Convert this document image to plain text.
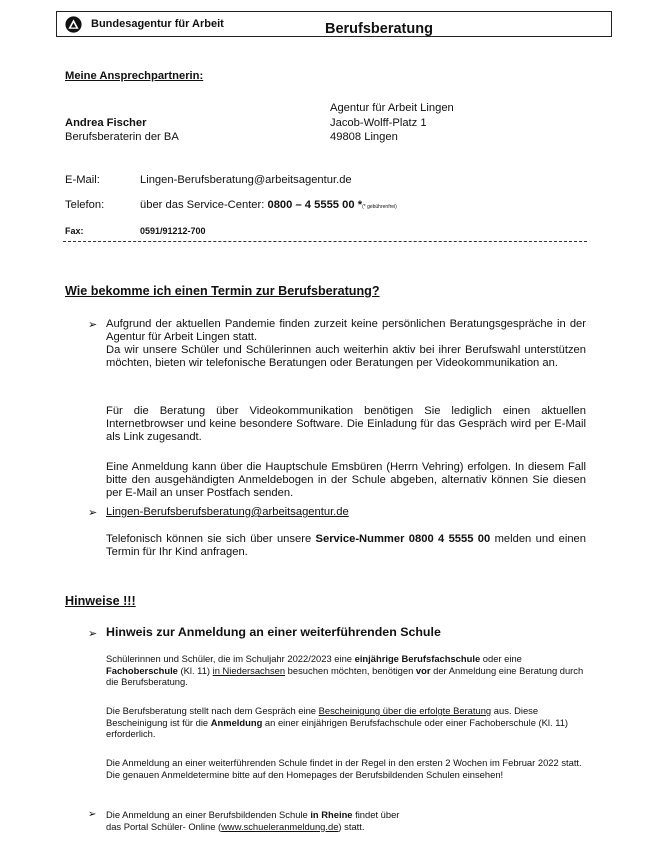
Bundesagentur für Arbeit	Berufsberatung
Meine Ansprechpartnerin:
Andrea Fischer
Berufsberaterin der BA
Agentur für Arbeit Lingen
Jacob-Wolff-Platz 1
49808 Lingen
E-Mail:	Lingen-Berufsberatung@arbeitsagentur.de
Telefon:	über das Service-Center: 0800 – 4 5555 00 *(* gebührenfrei)
Fax:	0591/91212-700
Wie bekomme ich einen Termin zur Berufsberatung?
➢ Aufgrund der aktuellen Pandemie finden zurzeit keine persönlichen Beratungsgespräche in der Agentur für Arbeit Lingen statt.

Da wir unsere Schüler und Schülerinnen auch weiterhin aktiv bei ihrer Berufswahl unterstützen möchten, bieten wir telefonische Beratungen oder Beratungen per Videokommunikation an.

Für die Beratung über Videokommunikation benötigen Sie lediglich einen aktuellen Internetbrowser und keine besondere Software. Die Einladung für das Gespräch wird per E-Mail als Link zugesandt.

Eine Anmeldung kann über die Hauptschule Emsbüren (Herrn Vehring) erfolgen. In diesem Fall bitte den ausgehändigten Anmeldebogen in der Schule abgeben, alternativ können Sie diesen per E-Mail an unser Postfach senden.

➢ Lingen-Berufsberufsberatung@arbeitsagentur.de

Telefonisch können sie sich über unsere Service-Nummer 0800 4 5555 00 melden und einen Termin für Ihr Kind anfragen.

Hinweise !!!
➢ Hinweis zur Anmeldung an einer weiterführenden Schule

Schülerinnen und Schüler, die im Schuljahr 2022/2023 eine einjährige Berufsfachschule oder eine Fachoberschule (Kl. 11) in Niedersachsen besuchen möchten, benötigen vor der Anmeldung eine Beratung durch die Berufsberatung.

Die Berufsberatung stellt nach dem Gespräch eine Bescheinigung über die erfolgte Beratung aus. Diese Bescheinigung ist für die Anmeldung an einer einjährigen Berufsfachschule oder einer Fachoberschule (Kl. 11) erforderlich.

Die Anmeldung an einer weiterführenden Schule findet in der Regel in den ersten 2 Wochen im Februar 2022 statt. Die genauen Anmeldetermine bitte auf den Homepages der Berufsbildenden Schulen einsehen!

➢ Die Anmeldung an einer Berufsbildenden Schule in Rheine findet über

das Portal Schüler- Online (www.schueleranmeldung.de) statt.
